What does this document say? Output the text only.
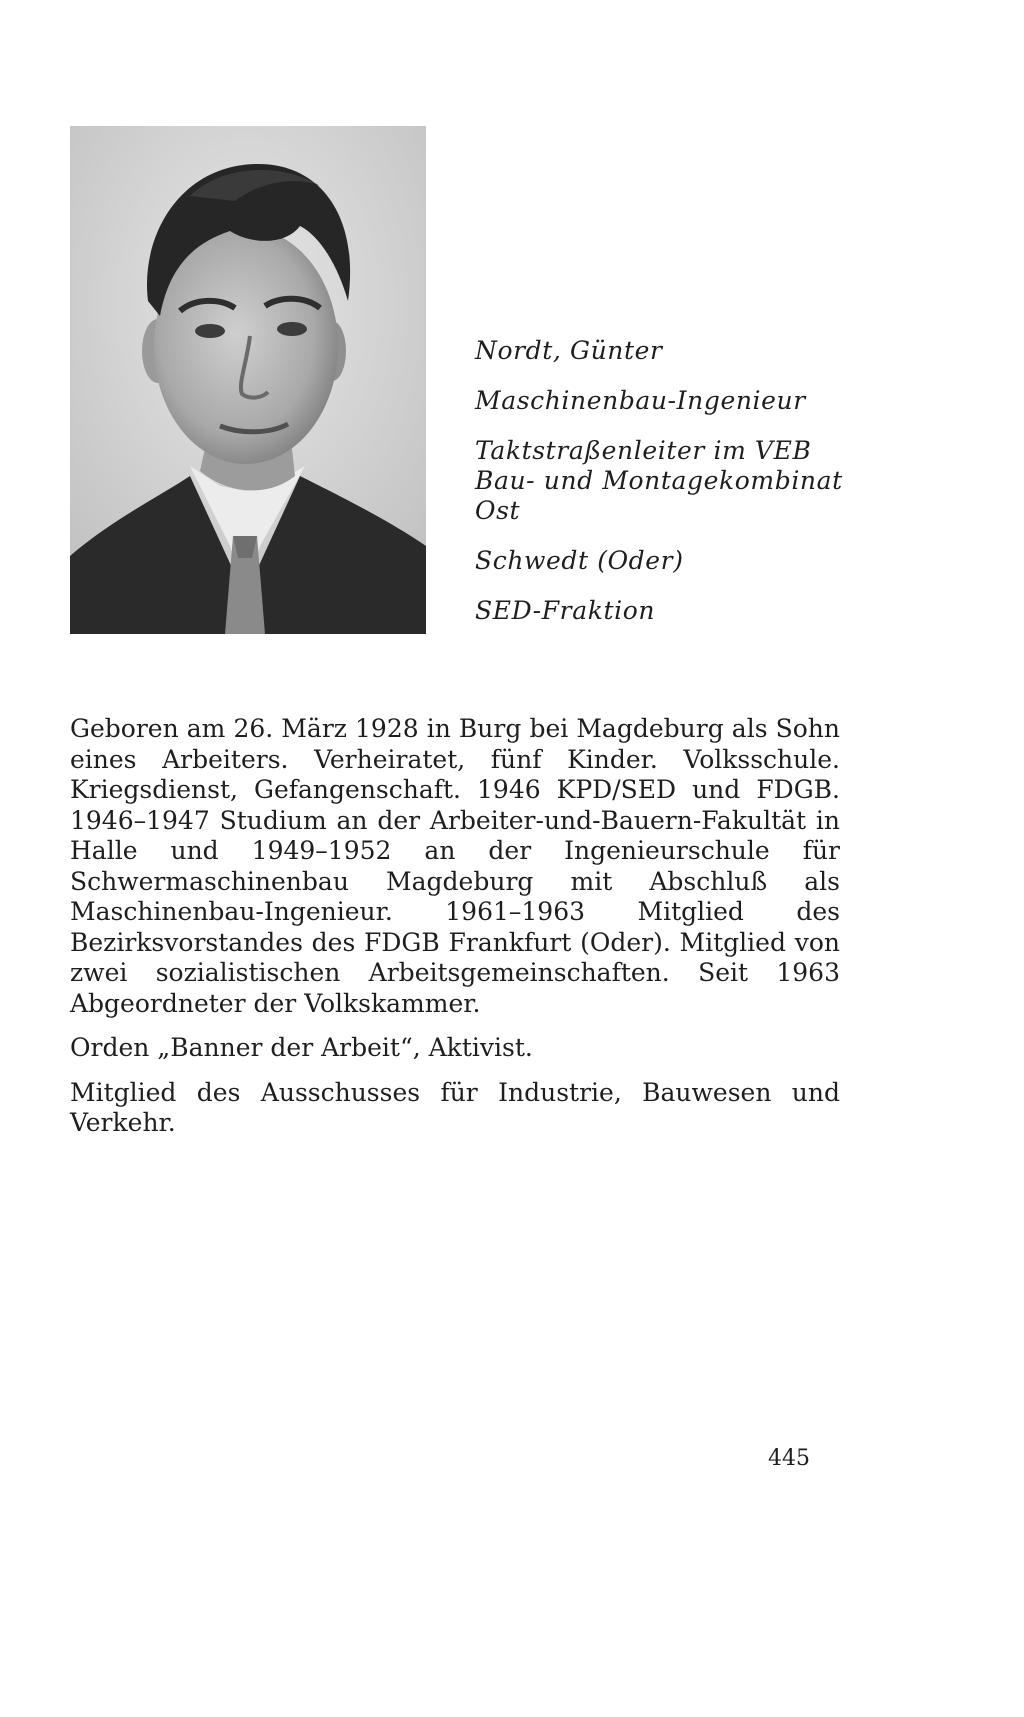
Nordt, Günter
Maschinenbau-Ingenieur
Taktstraßenleiter im VEB
Bau- und Montagekombinat
Ost
Schwedt (Oder)
SED-Fraktion

Geboren am 26. März 1928 in Burg bei Magdeburg als Sohn eines Arbeiters. Verheiratet, fünf Kinder. Volksschule. Kriegsdienst, Gefangenschaft. 1946 KPD/SED und FDGB. 1946–1947 Studium an der Arbeiter-und-Bauern-Fakultät in Halle und 1949–1952 an der Ingenieurschule für Schwermaschinenbau Magdeburg mit Abschluß als Maschinenbau-Ingenieur. 1961–1963 Mitglied des Bezirksvorstandes des FDGB Frankfurt (Oder). Mitglied von zwei sozialistischen Arbeitsgemeinschaften. Seit 1963 Abgeordneter der Volkskammer.

Orden „Banner der Arbeit“, Aktivist.

Mitglied des Ausschusses für Industrie, Bauwesen und Verkehr.

445
